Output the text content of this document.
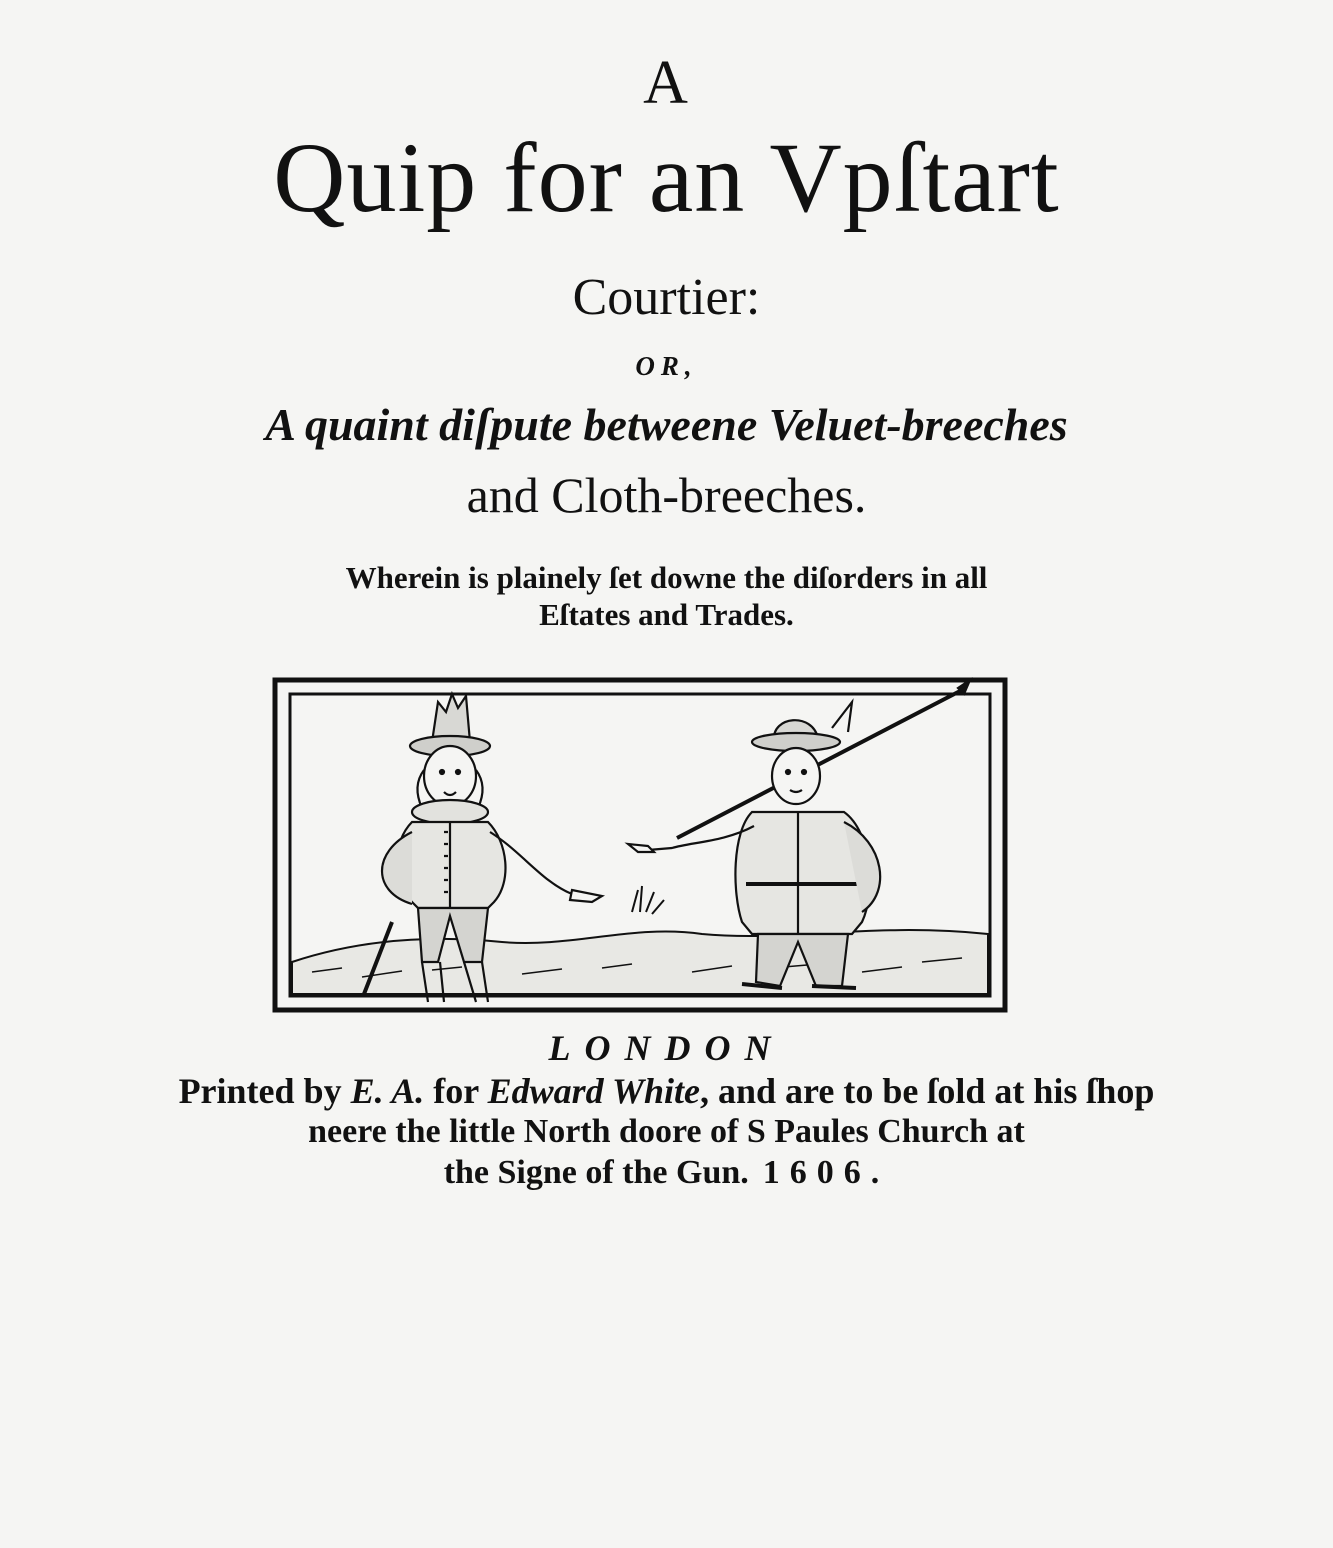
A
Quip for an Vpſtart
Courtier:
OR,
A quaint diſpute betweene Veluet-breeches
and Cloth-breeches.
Wherein is plainely ſet downe the diſorders in all
Eſtates and Trades.
LONDON
Printed by E. A. for Edward White, and are to be ſold at his ſhop
neere the little North doore of S Paules Church at
the Signe of the Gun. 1606.
